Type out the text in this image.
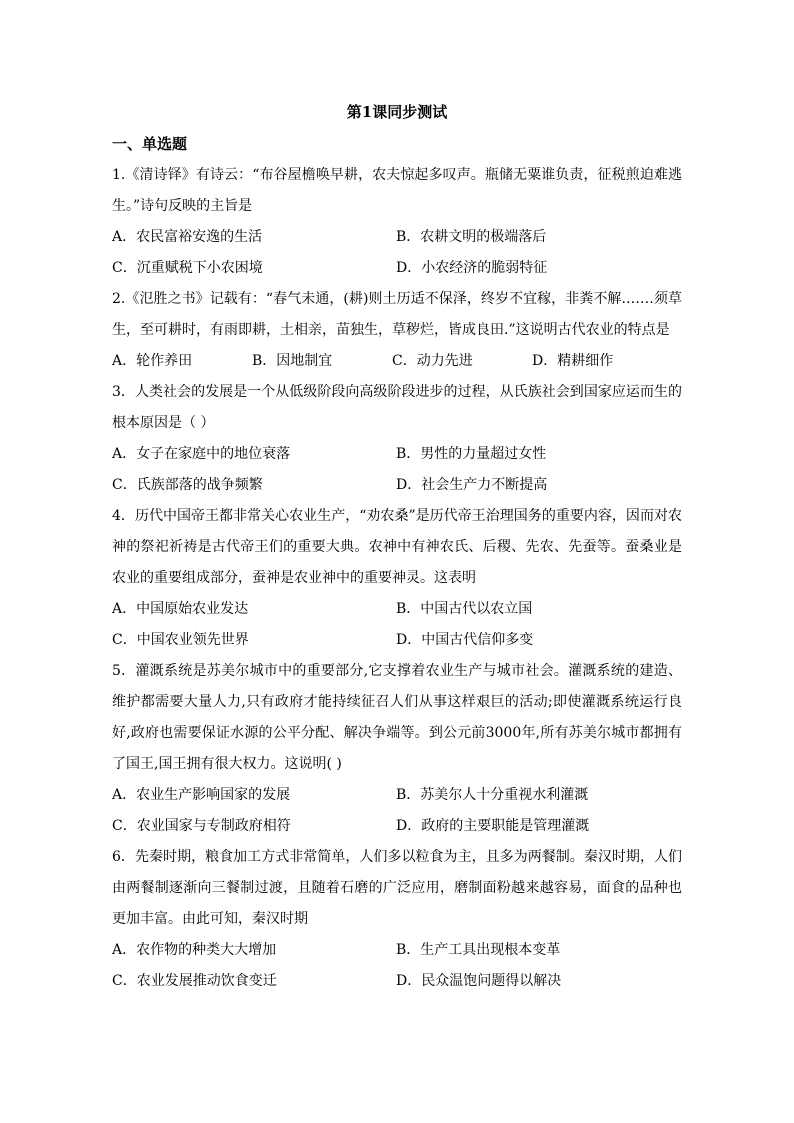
第1课同步测试
一、单选题

1.《清诗铎》有诗云：“布谷屋檐唤早耕，农夫惊起多叹声。瓶储无粟谁负责，征税煎迫难逃生。”诗句反映的主旨是

A．农民富裕安逸的生活	B．农耕文明的极端落后
C．沉重赋税下小农困境	D．小农经济的脆弱特征

2.《氾胜之书》记载有：“春气未通，(耕)则土历适不保泽，终岁不宜稼，非粪不解.……须草生，至可耕时，有雨即耕，土相亲，苗独生，草秽烂，皆成良田.”这说明古代农业的特点是

A．轮作养田	B．因地制宜	C．动力先进	D．精耕细作

3．人类社会的发展是一个从低级阶段向高级阶段进步的过程，从氏族社会到国家应运而生的根本原因是（ ）

A．女子在家庭中的地位衰落	B．男性的力量超过女性
C．氏族部落的战争频繁	D．社会生产力不断提高

4．历代中国帝王都非常关心农业生产，“劝农桑”是历代帝王治理国务的重要内容，因而对农神的祭祀祈祷是古代帝王们的重要大典。农神中有神农氏、后稷、先农、先蚕等。蚕桑业是农业的重要组成部分，蚕神是农业神中的重要神灵。这表明

A．中国原始农业发达	B．中国古代以农立国
C．中国农业领先世界	D．中国古代信仰多变

5．灌溉系统是苏美尔城市中的重要部分,它支撑着农业生产与城市社会。灌溉系统的建造、维护都需要大量人力,只有政府才能持续征召人们从事这样艰巨的活动;即使灌溉系统运行良好,政府也需要保证水源的公平分配、解决争端等。到公元前3000年,所有苏美尔城市都拥有了国王,国王拥有很大权力。这说明( )

A．农业生产影响国家的发展	B．苏美尔人十分重视水利灌溉
C．农业国家与专制政府相符	D．政府的主要职能是管理灌溉

6．先秦时期，粮食加工方式非常简单，人们多以粒食为主，且多为两餐制。秦汉时期，人们由两餐制逐渐向三餐制过渡，且随着石磨的广泛应用，磨制面粉越来越容易，面食的品种也更加丰富。由此可知，秦汉时期

A．农作物的种类大大增加	B．生产工具出现根本变革
C．农业发展推动饮食变迁	D．民众温饱问题得以解决
